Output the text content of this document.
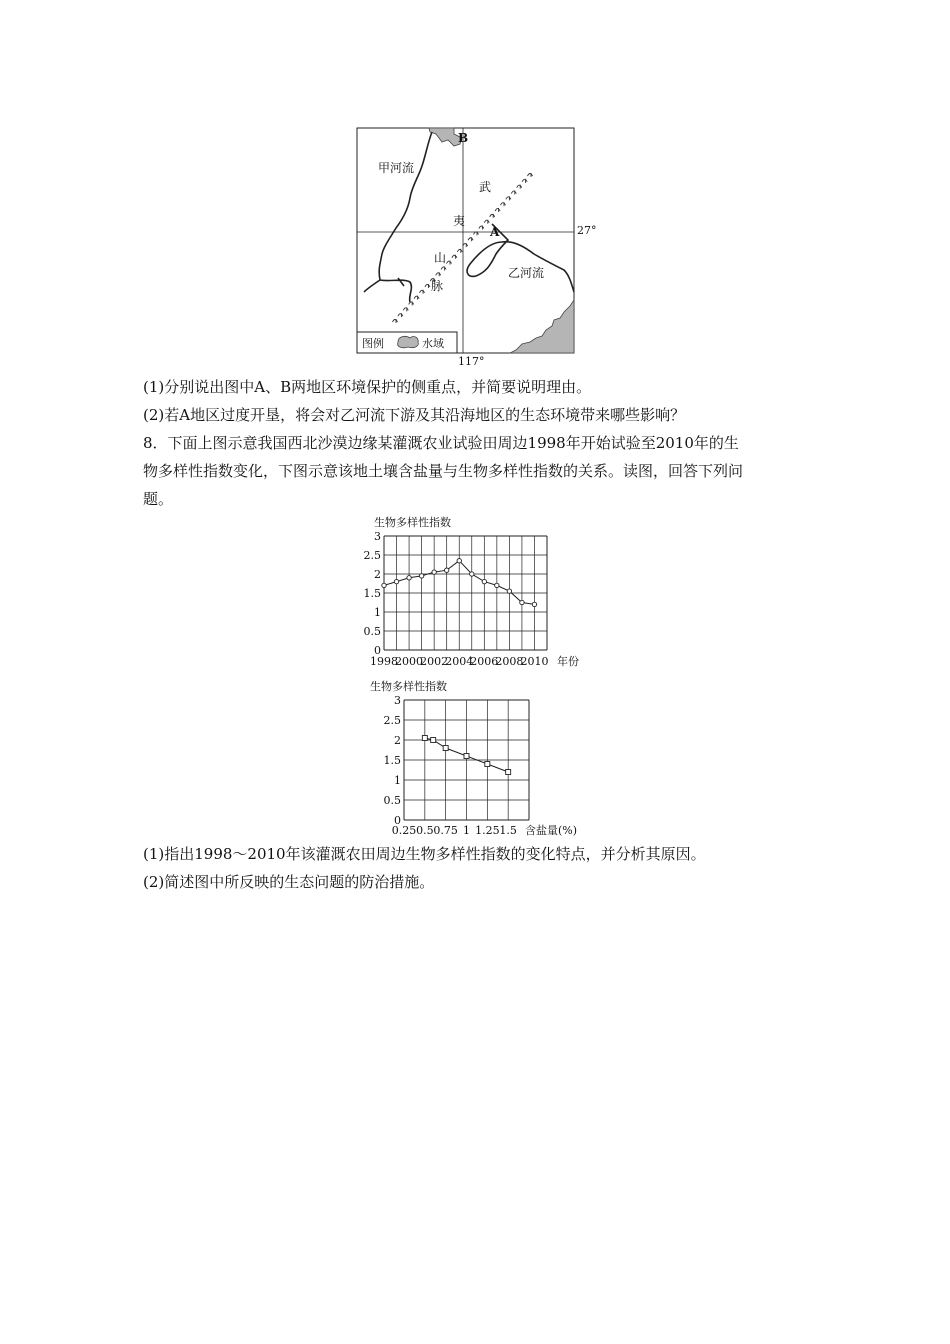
B
甲河流
武
夷
A	27°
山
乙河流
脉
图例	水域
117°
(1)分别说出图中A、B两地区环境保护的侧重点，并简要说明理由。
(2)若A地区过度开垦，将会对乙河流下游及其沿海地区的生态环境带来哪些影响？
8．下面上图示意我国西北沙漠边缘某灌溉农业试验田周边1998年开始试验至2010年的生
物多样性指数变化，下图示意该地土壤含盐量与生物多样性指数的关系。读图，回答下列问
题。
生物多样性指数
3
2.5
2
1.5
1
0.5
0
1998
2000
2002
2004
2006
2008
2010 年份
生物多样性指数
3
2.5
2
1.5
1
0.5
0
0.25 0.5 0.75 1 1.25 1.5 含盐量(%)
(1)指出1998～2010年该灌溉农田周边生物多样性指数的变化特点，并分析其原因。
(2)简述图中所反映的生态问题的防治措施。
